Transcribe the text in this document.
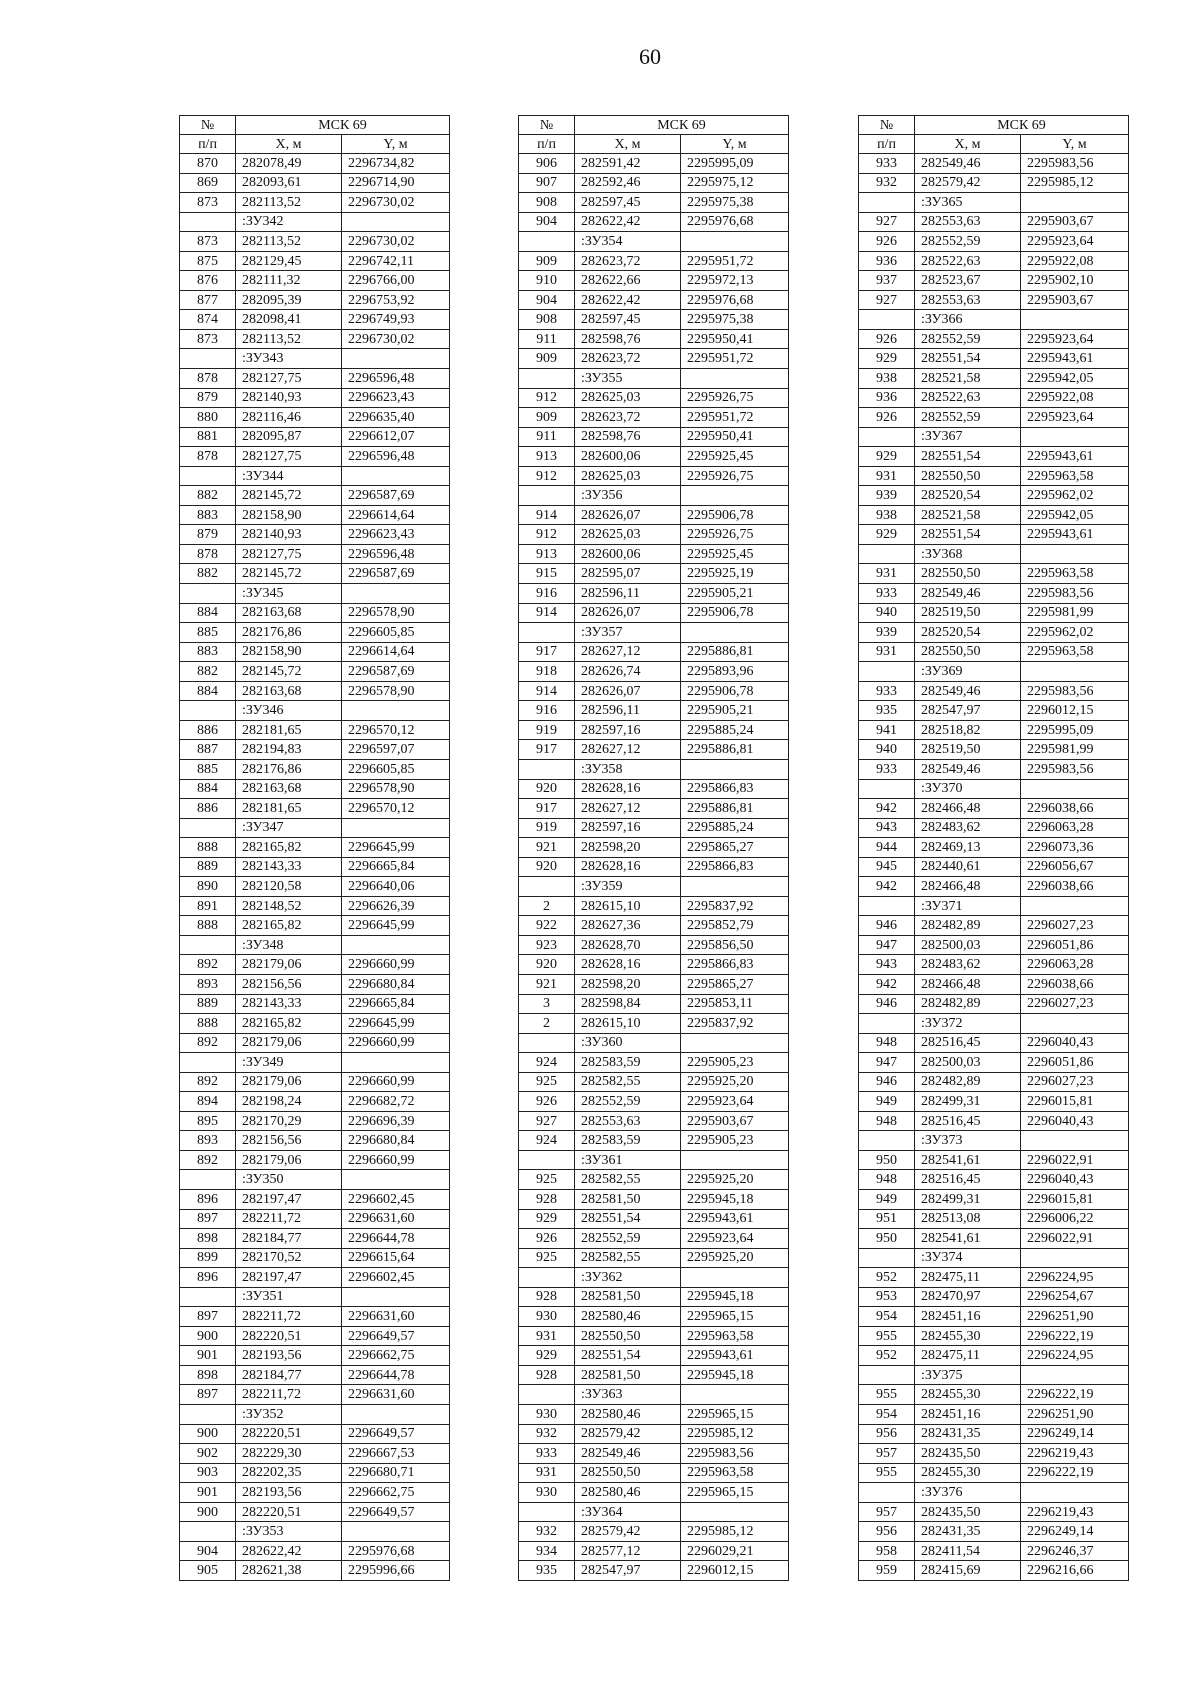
60
№	МСК 69	
п/п	X, м	Y, м
870	282078,49	2296734,82
869	282093,61	2296714,90
873	282113,52	2296730,02
	:ЗУ342	
873	282113,52	2296730,02
875	282129,45	2296742,11
876	282111,32	2296766,00
877	282095,39	2296753,92
874	282098,41	2296749,93
873	282113,52	2296730,02
	:ЗУ343	
878	282127,75	2296596,48
879	282140,93	2296623,43
880	282116,46	2296635,40
881	282095,87	2296612,07
878	282127,75	2296596,48
	:ЗУ344	
882	282145,72	2296587,69
883	282158,90	2296614,64
879	282140,93	2296623,43
878	282127,75	2296596,48
882	282145,72	2296587,69
	:ЗУ345	
884	282163,68	2296578,90
885	282176,86	2296605,85
883	282158,90	2296614,64
882	282145,72	2296587,69
884	282163,68	2296578,90
	:ЗУ346	
886	282181,65	2296570,12
887	282194,83	2296597,07
885	282176,86	2296605,85
884	282163,68	2296578,90
886	282181,65	2296570,12
	:ЗУ347	
888	282165,82	2296645,99
889	282143,33	2296665,84
890	282120,58	2296640,06
891	282148,52	2296626,39
888	282165,82	2296645,99
	:ЗУ348	
892	282179,06	2296660,99
893	282156,56	2296680,84
889	282143,33	2296665,84
888	282165,82	2296645,99
892	282179,06	2296660,99
	:ЗУ349	
892	282179,06	2296660,99
894	282198,24	2296682,72
895	282170,29	2296696,39
893	282156,56	2296680,84
892	282179,06	2296660,99
	:ЗУ350	
896	282197,47	2296602,45
897	282211,72	2296631,60
898	282184,77	2296644,78
899	282170,52	2296615,64
896	282197,47	2296602,45
	:ЗУ351	
897	282211,72	2296631,60
900	282220,51	2296649,57
901	282193,56	2296662,75
898	282184,77	2296644,78
897	282211,72	2296631,60
	:ЗУ352	
900	282220,51	2296649,57
902	282229,30	2296667,53
903	282202,35	2296680,71
901	282193,56	2296662,75
900	282220,51	2296649,57
	:ЗУ353	
904	282622,42	2295976,68
905	282621,38	2295996,66
№	МСК 69	
п/п	X, м	Y, м
906	282591,42	2295995,09
907	282592,46	2295975,12
908	282597,45	2295975,38
904	282622,42	2295976,68
	:ЗУ354	
909	282623,72	2295951,72
910	282622,66	2295972,13
904	282622,42	2295976,68
908	282597,45	2295975,38
911	282598,76	2295950,41
909	282623,72	2295951,72
	:ЗУ355	
912	282625,03	2295926,75
909	282623,72	2295951,72
911	282598,76	2295950,41
913	282600,06	2295925,45
912	282625,03	2295926,75
	:ЗУ356	
914	282626,07	2295906,78
912	282625,03	2295926,75
913	282600,06	2295925,45
915	282595,07	2295925,19
916	282596,11	2295905,21
914	282626,07	2295906,78
	:ЗУ357	
917	282627,12	2295886,81
918	282626,74	2295893,96
914	282626,07	2295906,78
916	282596,11	2295905,21
919	282597,16	2295885,24
917	282627,12	2295886,81
	:ЗУ358	
920	282628,16	2295866,83
917	282627,12	2295886,81
919	282597,16	2295885,24
921	282598,20	2295865,27
920	282628,16	2295866,83
	:ЗУ359	
2	282615,10	2295837,92
922	282627,36	2295852,79
923	282628,70	2295856,50
920	282628,16	2295866,83
921	282598,20	2295865,27
3	282598,84	2295853,11
2	282615,10	2295837,92
	:ЗУ360	
924	282583,59	2295905,23
925	282582,55	2295925,20
926	282552,59	2295923,64
927	282553,63	2295903,67
924	282583,59	2295905,23
	:ЗУ361	
925	282582,55	2295925,20
928	282581,50	2295945,18
929	282551,54	2295943,61
926	282552,59	2295923,64
925	282582,55	2295925,20
	:ЗУ362	
928	282581,50	2295945,18
930	282580,46	2295965,15
931	282550,50	2295963,58
929	282551,54	2295943,61
928	282581,50	2295945,18
	:ЗУ363	
930	282580,46	2295965,15
932	282579,42	2295985,12
933	282549,46	2295983,56
931	282550,50	2295963,58
930	282580,46	2295965,15
	:ЗУ364	
932	282579,42	2295985,12
934	282577,12	2296029,21
935	282547,97	2296012,15
№	МСК 69	
п/п	X, м	Y, м
933	282549,46	2295983,56
932	282579,42	2295985,12
	:ЗУ365	
927	282553,63	2295903,67
926	282552,59	2295923,64
936	282522,63	2295922,08
937	282523,67	2295902,10
927	282553,63	2295903,67
	:ЗУ366	
926	282552,59	2295923,64
929	282551,54	2295943,61
938	282521,58	2295942,05
936	282522,63	2295922,08
926	282552,59	2295923,64
	:ЗУ367	
929	282551,54	2295943,61
931	282550,50	2295963,58
939	282520,54	2295962,02
938	282521,58	2295942,05
929	282551,54	2295943,61
	:ЗУ368	
931	282550,50	2295963,58
933	282549,46	2295983,56
940	282519,50	2295981,99
939	282520,54	2295962,02
931	282550,50	2295963,58
	:ЗУ369	
933	282549,46	2295983,56
935	282547,97	2296012,15
941	282518,82	2295995,09
940	282519,50	2295981,99
933	282549,46	2295983,56
	:ЗУ370	
942	282466,48	2296038,66
943	282483,62	2296063,28
944	282469,13	2296073,36
945	282440,61	2296056,67
942	282466,48	2296038,66
	:ЗУ371	
946	282482,89	2296027,23
947	282500,03	2296051,86
943	282483,62	2296063,28
942	282466,48	2296038,66
946	282482,89	2296027,23
	:ЗУ372	
948	282516,45	2296040,43
947	282500,03	2296051,86
946	282482,89	2296027,23
949	282499,31	2296015,81
948	282516,45	2296040,43
	:ЗУ373	
950	282541,61	2296022,91
948	282516,45	2296040,43
949	282499,31	2296015,81
951	282513,08	2296006,22
950	282541,61	2296022,91
	:ЗУ374	
952	282475,11	2296224,95
953	282470,97	2296254,67
954	282451,16	2296251,90
955	282455,30	2296222,19
952	282475,11	2296224,95
	:ЗУ375	
955	282455,30	2296222,19
954	282451,16	2296251,90
956	282431,35	2296249,14
957	282435,50	2296219,43
955	282455,30	2296222,19
	:ЗУ376	
957	282435,50	2296219,43
956	282431,35	2296249,14
958	282411,54	2296246,37
959	282415,69	2296216,66
